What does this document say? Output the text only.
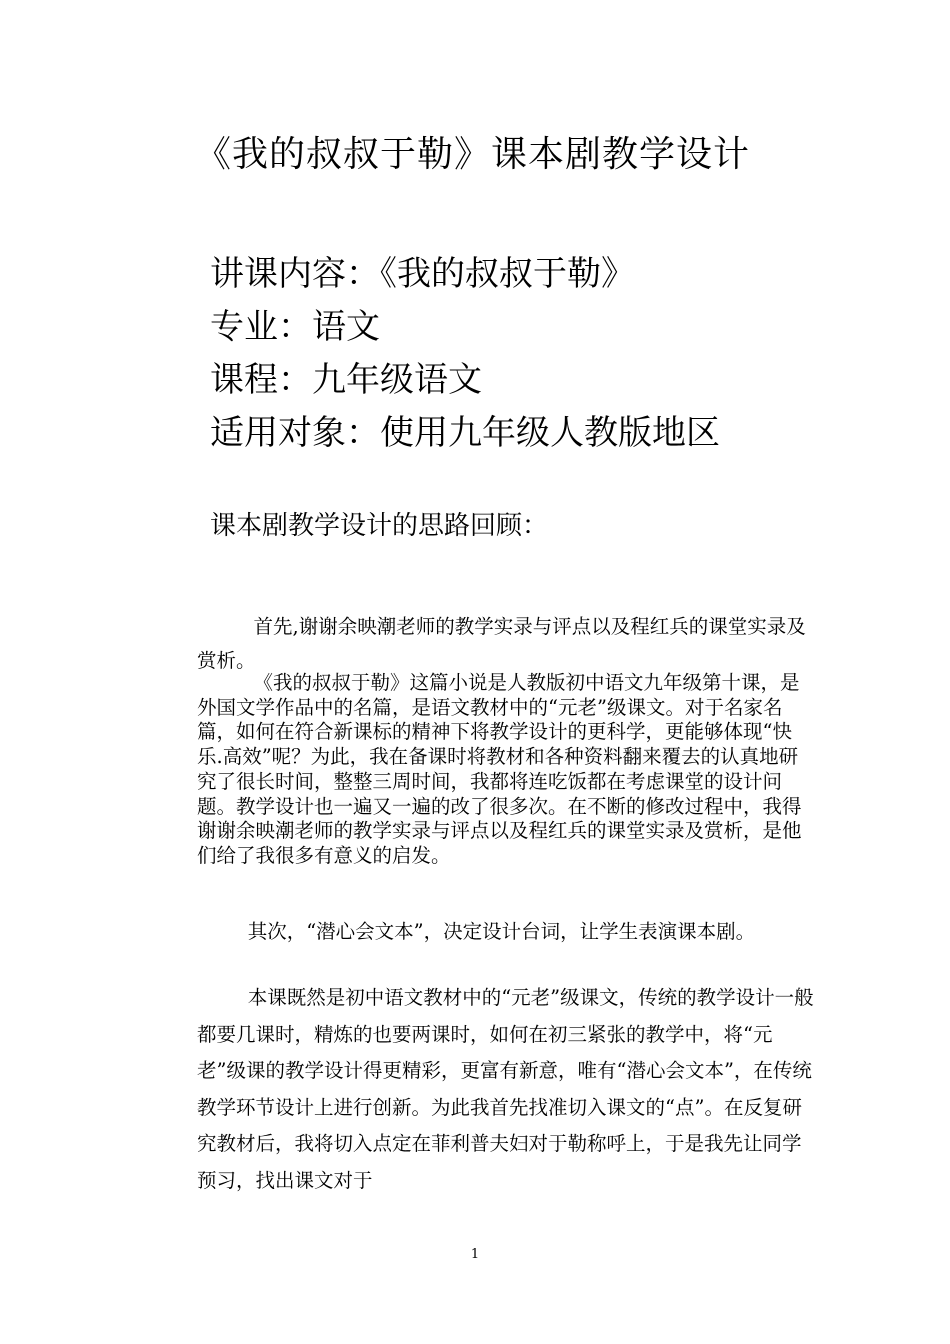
《我的叔叔于勒》课本剧教学设计
讲课内容：《我的叔叔于勒》
专业：语文
课程：九年级语文
适用对象：使用九年级人教版地区
课本剧教学设计的思路回顾：

首先,谢谢余映潮老师的教学实录与评点以及程红兵的课堂实录及赏析。

《我的叔叔于勒》这篇小说是人教版初中语文九年级第十课，是外国文学作品中的名篇，是语文教材中的“元老”级课文。对于名家名篇，如何在符合新课标的精神下将教学设计的更科学，更能够体现“快乐.高效”呢？为此，我在备课时将教材和各种资料翻来覆去的认真地研究了很长时间，整整三周时间，我都将连吃饭都在考虑课堂的设计问题。教学设计也一遍又一遍的改了很多次。在不断的修改过程中，我得谢谢余映潮老师的教学实录与评点以及程红兵的课堂实录及赏析，是他们给了我很多有意义的启发。

其次，“潜心会文本”，决定设计台词，让学生表演课本剧。

本课既然是初中语文教材中的“元老”级课文，传统的教学设计一般都要几课时，精炼的也要两课时，如何在初三紧张的教学中，将“元老”级课的教学设计得更精彩，更富有新意，唯有“潜心会文本”，在传统教学环节设计上进行创新。为此我首先找准切入课文的“点”。在反复研究教材后，我将切入点定在菲利普夫妇对于勒称呼上，于是我先让同学预习，找出课文对于

1
